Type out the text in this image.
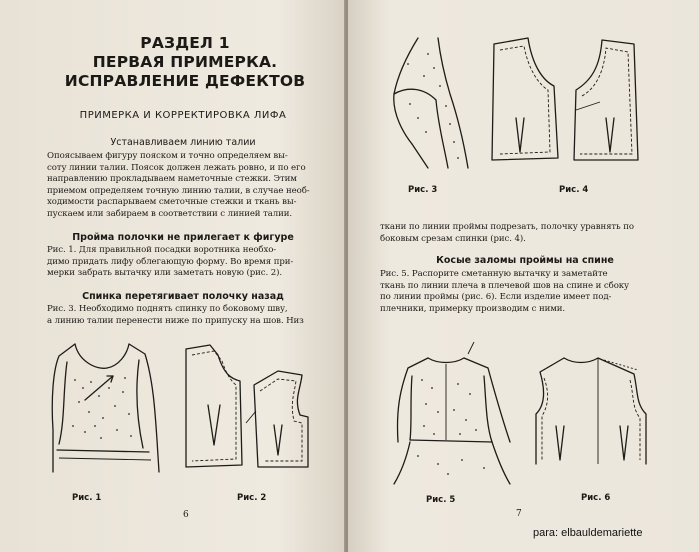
РАЗДЕЛ 1
ПЕРВАЯ ПРИМЕРКА.
ИСПРАВЛЕНИЕ ДЕФЕКТОВ
ПРИМЕРКА И КОРРЕКТИРОВКА ЛИФА
Устанавливаем линию талии

Опоясываем фигуру пояском и точно определяем вы-

соту линии талии. Поясок должен лежать ровно, и по его

направлению прокладываем наметочные стежки. Этим

приемом определяем точную линию талии, в случае необ-

ходимости распарываем сметочные стежки и ткань вы-

пускаем или забираем в соответствии с линией талии.

Пройма полочки не прилегает к фигуре

Рис. 1. Для правильной посадки воротника необхо-

димо придать лифу облегающую форму. Во время при-

мерки забрать вытачку или заметать новую (рис. 2).

Спинка перетягивает полочку назад

Рис. 3. Необходимо поднять спинку по боковому шву,

а линию талии перенести ниже по припуску на шов. Низ

Рис. 1	Рис. 2
6
Рис. 3	Рис. 4

ткани по линии проймы подрезать, полочку уравнять по

боковым срезам спинки (рис. 4).

Косые заломы проймы на спине

Рис. 5. Распорите сметанную вытачку и заметайте

ткань по линии плеча в плечевой шов на спине и сбоку

по линии проймы (рис. 6). Если изделие имеет под-

плечники, примерку производим с ними.

Рис. 5	Рис. 6
7
para: elbauldemariette
